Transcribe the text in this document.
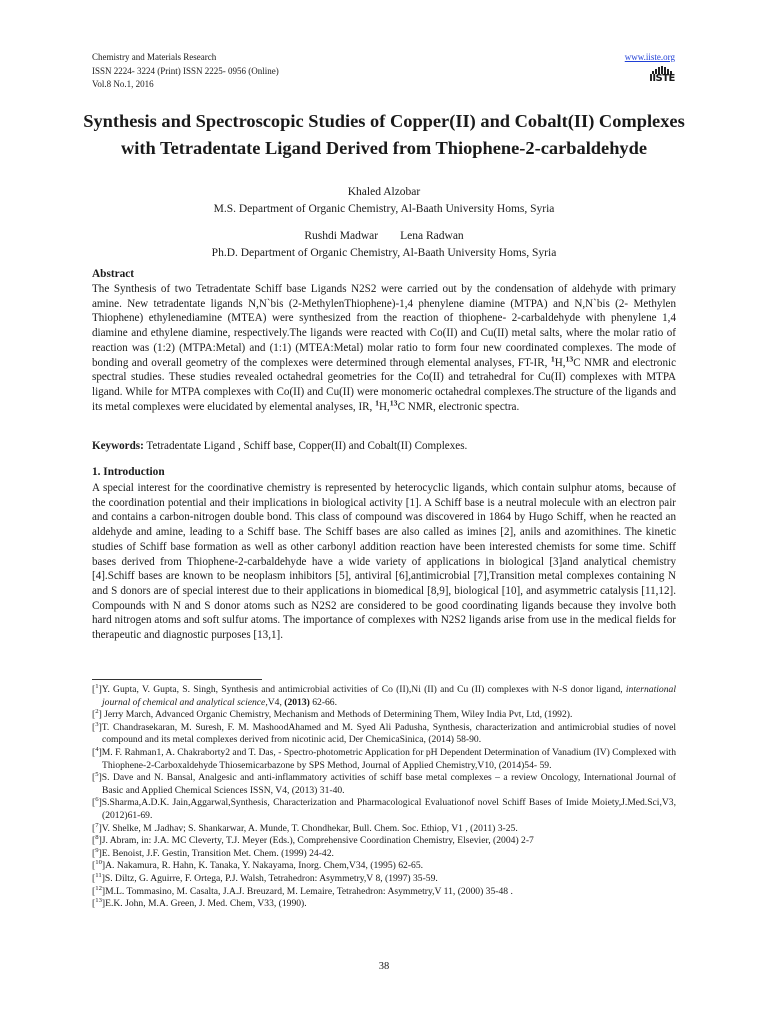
Chemistry and Materials Research
ISSN 2224- 3224 (Print) ISSN 2225- 0956 (Online)
Vol.8 No.1, 2016
www.iiste.org
IISTE
Synthesis and Spectroscopic Studies of Copper(II) and Cobalt(II) Complexes with Tetradentate Ligand Derived from Thiophene-2-carbaldehyde
Khaled Alzobar
M.S. Department of Organic Chemistry, Al-Baath University Homs, Syria
Rushdi Madwar Lena Radwan
Ph.D. Department of Organic Chemistry, Al-Baath University Homs, Syria
Abstract
The Synthesis of two Tetradentate Schiff base Ligands N2S2 were carried out by the condensation of aldehyde with primary amine. New tetradentate ligands N,N`bis (2-MethylenThiophene)-1,4 phenylene diamine (MTPA) and N,N`bis (2- Methylen Thiophene) ethylenediamine (MTEA) were synthesized from the reaction of thiophene- 2-carbaldehyde with phenylene 1,4 diamine and ethylene diamine, respectively.The ligands were reacted with Co(II) and Cu(II) metal salts, where the molar ratio of reaction was (1:2) (MTPA:Metal) and (1:1) (MTEA:Metal) molar ratio to form four new coordinated complexes. The mode of bonding and overall geometry of the complexes were determined through elemental analyses, FT-IR, $^1$H,$^{13}$C NMR and electronic spectral studies. These studies revealed octahedral geometries for the Co(II) and tetrahedral for Cu(II) complexes with MTPA ligand. While for MTPA complexes with Co(II) and Cu(II) were monomeric octahedral complexes.The structure of the ligands and its metal complexes were elucidated by elemental analyses, IR, $^1$H,$^{13}$C NMR, electronic spectra.
Keywords: Tetradentate Ligand , Schiff base, Copper(II) and Cobalt(II) Complexes.
1. Introduction
A special interest for the coordinative chemistry is represented by heterocyclic ligands, which contain sulphur atoms, because of the coordination potential and their implications in biological activity [1]. A Schiff base is a neutral molecule with an electron pair and contains a carbon-nitrogen double bond. This class of compound was discovered in 1864 by Hugo Schiff, when he reacted an aldehyde and amine, leading to a Schiff base. The Schiff bases are also called as imines [2], anils and azomithines. The kinetic studies of Schiff base formation as well as other carbonyl addition reaction have been interested chemists for some time. Schiff bases derived from Thiophene-2-carbaldehyde have a wide variety of applications in biological [3]and analytical chemistry [4].Schiff bases are known to be neoplasm inhibitors [5], antiviral [6],antimicrobial [7],Transition metal complexes containing N and S donors are of special interest due to their applications in biomedical [8,9], biological [10], and asymmetric catalysis [11,12]. Compounds with N and S donor atoms such as N2S2 are considered to be good coordinating ligands because they involve both hard nitrogen atoms and soft sulfur atoms. The importance of complexes with N2S2 ligands arise from use in the medical fields for therapeutic and diagnostic purposes [13,1].
[$^1$]Y. Gupta, V. Gupta, S. Singh, Synthesis and antimicrobial activities of Co (II),Ni (II) and Cu (II) complexes with N-S donor ligand, international journal of chemical and analytical science,V4, (2013) 62-66.
[$^2$] Jerry March, Advanced Organic Chemistry, Mechanism and Methods of Determining Them, Wiley India Pvt, Ltd, (1992).
[$^3$]T. Chandrasekaran, M. Suresh, F. M. MashoodAhamed and M. Syed Ali Padusha, Synthesis, characterization and antimicrobial studies of novel compound and its metal complexes derived from nicotinic acid, Der ChemicaSinica, (2014) 58-90.
[$^4$]M. F. Rahman1, A. Chakraborty2 and T. Das, - Spectro-photometric Application for pH Dependent Determination of Vanadium (IV) Complexed with Thiophene-2-Carboxaldehyde Thiosemicarbazone by SPS Method, Journal of Applied Chemistry,V10, (2014)54- 59.
[$^5$]S. Dave and N. Bansal, Analgesic and anti-inflammatory activities of schiff base metal complexes – a review Oncology, International Journal of Basic and Applied Chemical Sciences ISSN, V4, (2013) 31-40.
[$^6$]S.Sharma,A.D.K. Jain,Aggarwal,Synthesis, Characterization and Pharmacological Evaluationof novel Schiff Bases of Imide Moiety,J.Med.Sci,V3, (2012)61-69.
[$^7$]V. Shelke, M .Jadhav; S. Shankarwar, A. Munde, T. Chondhekar, Bull. Chem. Soc. Ethiop, V1 , (2011) 3-25.
[$^8$]J. Abram, in: J.A. MC Cleverty, T.J. Meyer (Eds.), Comprehensive Coordination Chemistry, Elsevier, (2004) 2-7
[$^9$]E. Benoist, J.F. Gestin, Transition Met. Chem. (1999) 24-42.
[$^{10}$]A. Nakamura, R. Hahn, K. Tanaka, Y. Nakayama, Inorg. Chem,V34, (1995) 62-65.
[$^{11}$]S. Diltz, G. Aguirre, F. Ortega, P.J. Walsh, Tetrahedron: Asymmetry,V 8, (1997) 35-59.
[$^{12}$]M.L. Tommasino, M. Casalta, J.A.J. Breuzard, M. Lemaire, Tetrahedron: Asymmetry,V 11, (2000) 35-48 .
[$^{13}$]E.K. John, M.A. Green, J. Med. Chem, V33, (1990).
38
